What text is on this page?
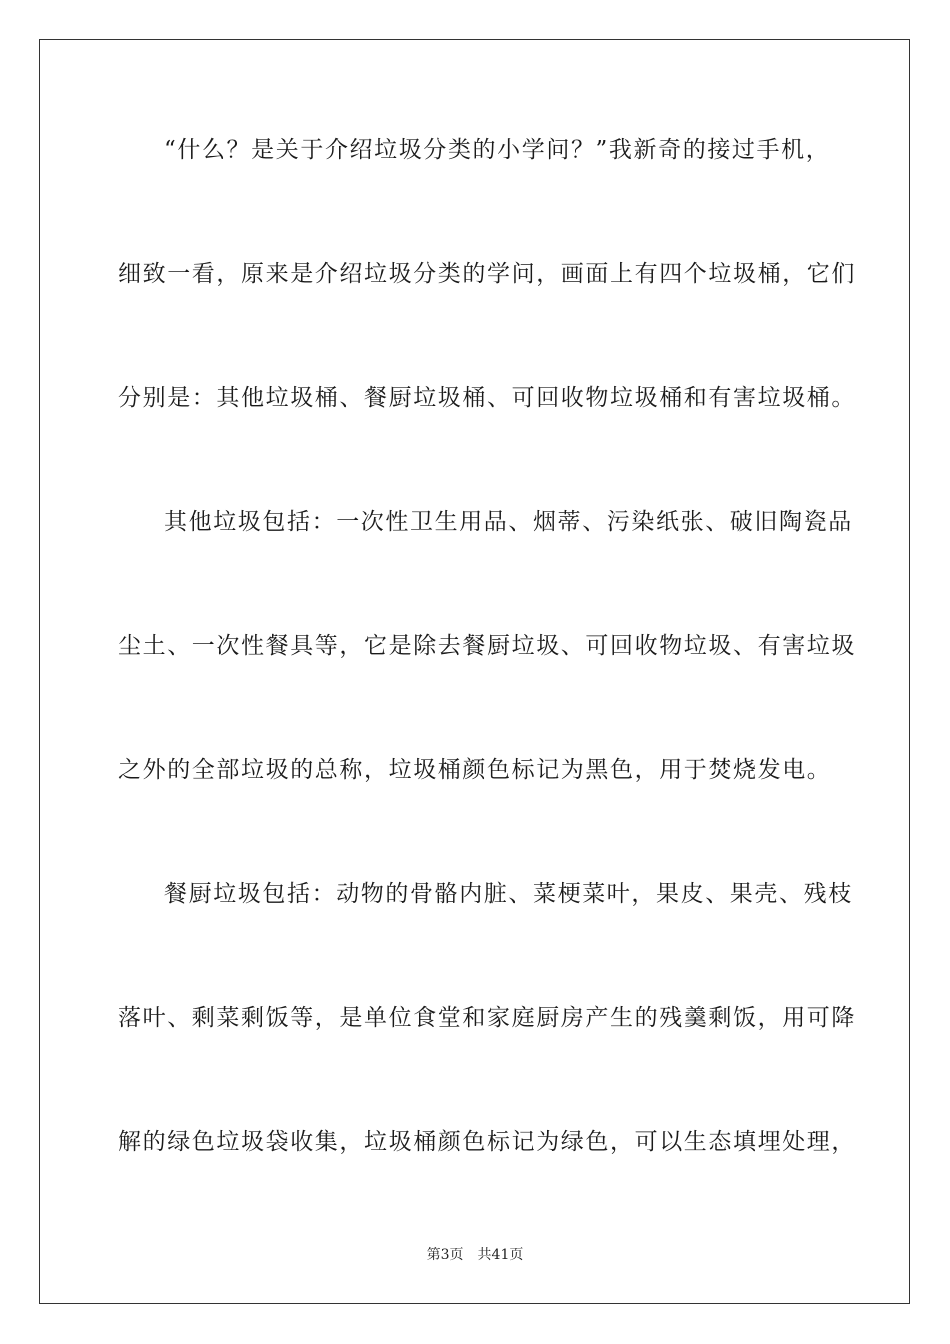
“什么？是关于介绍垃圾分类的小学问？”我新奇的接过手机，
细致一看，原来是介绍垃圾分类的学问，画面上有四个垃圾桶，它们
分别是：其他垃圾桶、餐厨垃圾桶、可回收物垃圾桶和有害垃圾桶。
其他垃圾包括：一次性卫生用品、烟蒂、污染纸张、破旧陶瓷品
尘土、一次性餐具等，它是除去餐厨垃圾、可回收物垃圾、有害垃圾
之外的全部垃圾的总称，垃圾桶颜色标记为黑色，用于焚烧发电。
餐厨垃圾包括：动物的骨骼内脏、菜梗菜叶，果皮、果壳、残枝
落叶、剩菜剩饭等，是单位食堂和家庭厨房产生的残羹剩饭，用可降
解的绿色垃圾袋收集，垃圾桶颜色标记为绿色，可以生态填埋处理，
第3页 共41页
